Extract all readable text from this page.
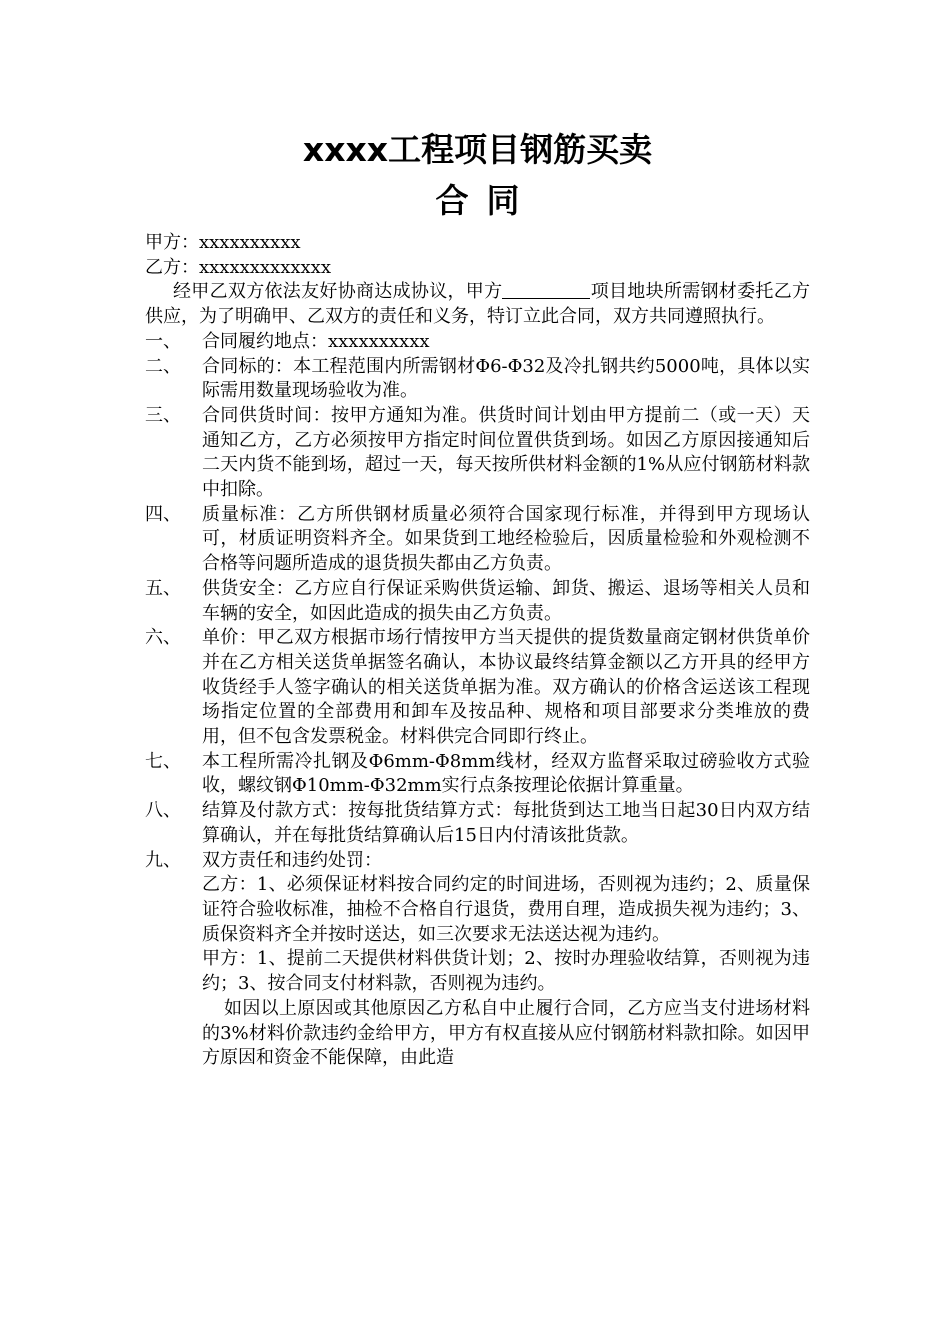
xxxx工程项目钢筋买卖
合同

甲方：xxxxxxxxxx

乙方：xxxxxxxxxxxxx

经甲乙双方依法友好协商达成协议，甲方	项目地块所需钢材委托乙方供应，为了明确甲、乙双方的责任和义务，特订立此合同，双方共同遵照执行。

一、	合同履约地点：xxxxxxxxxx
二、	合同标的：本工程范围内所需钢材Φ6-Φ32及冷扎钢共约5000吨，具体以实际需用数量现场验收为准。
三、	合同供货时间：按甲方通知为准。供货时间计划由甲方提前二（或一天）天通知乙方，乙方必须按甲方指定时间位置供货到场。如因乙方原因接通知后二天内货不能到场，超过一天，每天按所供材料金额的1%从应付钢筋材料款中扣除。
四、	质量标准：乙方所供钢材质量必须符合国家现行标准，并得到甲方现场认可，材质证明资料齐全。如果货到工地经检验后，因质量检验和外观检测不合格等问题所造成的退货损失都由乙方负责。
五、	供货安全：乙方应自行保证采购供货运输、卸货、搬运、退场等相关人员和车辆的安全，如因此造成的损失由乙方负责。
六、	单价：甲乙双方根据市场行情按甲方当天提供的提货数量商定钢材供货单价并在乙方相关送货单据签名确认，本协议最终结算金额以乙方开具的经甲方收货经手人签字确认的相关送货单据为准。双方确认的价格含运送该工程现场指定位置的全部费用和卸车及按品种、规格和项目部要求分类堆放的费用，但不包含发票税金。材料供完合同即行终止。
七、	本工程所需冷扎钢及Φ6mm-Φ8mm线材，经双方监督采取过磅验收方式验收，螺纹钢Φ10mm-Φ32mm实行点条按理论依据计算重量。
八、	结算及付款方式：按每批货结算方式：每批货到达工地当日起30日内双方结算确认，并在每批货结算确认后15日内付清该批货款。
九、	双方责任和违约处罚：

乙方：1、必须保证材料按合同约定的时间进场，否则视为违约；2、质量保证符合验收标准，抽检不合格自行退货，费用自理，造成损失视为违约；3、质保资料齐全并按时送达，如三次要求无法送达视为违约。

甲方：1、提前二天提供材料供货计划；2、按时办理验收结算，否则视为违约；3、按合同支付材料款，否则视为违约。

如因以上原因或其他原因乙方私自中止履行合同，乙方应当支付进场材料的3%材料价款违约金给甲方，甲方有权直接从应付钢筋材料款扣除。如因甲方原因和资金不能保障，由此造
